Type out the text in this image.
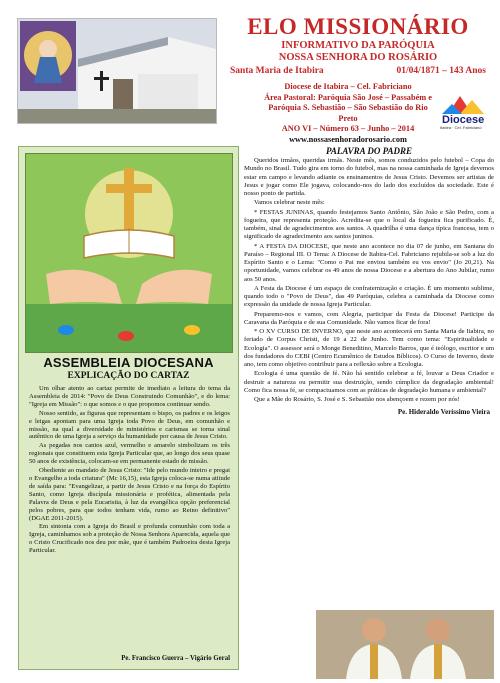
ELO MISSIONÁRIO
INFORMATIVO DA PARÓQUIA
NOSSA SENHORA DO ROSÁRIO
Santa Maria de Itabira	01/04/1871 – 143 Anos
Diocese de Itabira – Cel. Fabriciano
Área Pastoral: Paróquia São José – Passabém e
Paróquia S. Sebastião – São Sebastião do Rio Preto
ANO VI – Número 63 – Junho – 2014
www.nossasenhoradorosario.com
Diocese
Itabira · Cel. Fabriciano
ASSEMBLEIA DIOCESANA
EXPLICAÇÃO DO CARTAZ

Um olhar atento ao cartaz permite de imediato a leitura do tema da Assembleia de 2014: "Povo de Deus Construindo Comunhão", e do lema: "Igreja em Missão": o que somos e o que propomos continuar sendo.

Nosso sentido, as figuras que representam o bispo, os padres e os leigos e leigas apontam para uma Igreja toda Povo de Deus, em comunhão e missão, na qual a diversidade de ministérios e carismas se torna sinal autêntico de uma Igreja a serviço da humanidade por causa de Jesus Cristo.

As pegadas nos cantos azul, vermelho e amarelo simbolizam os três regionais que constituem esta Igreja Particular que, ao longo dos seus quase 50 anos de existência, colocam-se em permanente estado de missão.

Obediente ao mandato de Jesus Cristo: "Ide pelo mundo inteiro e pregai o Evangelho a toda criatura" (Mc 16,15), esta Igreja coloca-se numa atitude de saída para: "Evangelizar, a partir de Jesus Cristo e na força do Espírito Santo, como Igreja discípula missionária e profética, alimentada pela Palavra de Deus e pela Eucaristia, à luz da evangélica opção preferencial pelos pobres, para que todos tenham vida, rumo ao Reino definitivo" (DGAE 2011-2015).

Em sintonia com a Igreja do Brasil e profunda comunhão com toda a Igreja, caminhamos sob a proteção de Nossa Senhora Aparecida, aquela que o Cristo Crucificado nos deu por mãe, que é também Padroeira desta Igreja Particular.

Pe. Francisco Guerra – Vigário Geral
PALAVRA DO PADRE

Queridos irmãos, queridas irmãs. Neste mês, somos conduzidos pelo futebol – Copa do Mundo no Brasil. Tudo gira em torno do futebol, mas na nossa caminhada de Igreja devemos estar em campo e levando adiante os ensinamentos de Jesus Cristo. Devemos ser artistas de Jesus e jogar como Ele jogava, colocando-nos do lado dos excluídos da sociedade. Este é nosso ponto de partida.

Vamos celebrar neste mês:

* FESTAS JUNINAS, quando festejamos Santo Antônio, São João e São Pedro, com a fogueira, que representa proteção. Acredita-se que o local da fogueira fica purificado. É, também, sinal de agradecimentos aos santos. A quadrilha é uma dança típica francesa, tem o significado de agradecimento aos santos juninos.

* A FESTA DA DIOCESE, que neste ano acontece no dia 07 de junho, em Santana do Paraíso – Regional III. O Tema: A Diocese de Itabira-Cel. Fabriciano rejubila-se sob a luz do Espírito Santo e o Lema: "Como o Pai me enviou também eu vos envio" (Jo 20,21). Na oportunidade, vamos celebrar os 49 anos de nossa Diocese e a abertura do Ano Jubilar, rumo aos 50 anos.

A Festa da Diocese é um espaço de confraternização e criação. É um momento sublime, quando todo o "Povo de Deus", das 49 Paróquias, celebra a caminhada da Diocese como expressão da unidade de nossa Igreja Particular.

Preparemo-nos e vamos, com Alegria, participar da Festa da Diocese! Participe da Caravana da Paróquia e de sua Comunidade. Não vamos ficar de fora!

* O XV CURSO DE INVERNO, que neste ano acontecerá em Santa Maria de Itabira, no feriado de Corpus Christi, de 19 a 22 de Junho. Tem como tema: "Espiritualidade e Ecologia". O assessor será o Monge Beneditino, Marcelo Barros, que é teólogo, escritor e um dos fundadores do CEBI (Centro Ecumênico de Estudos Bíblicos). O Curso de Inverno, deste ano, tem como objetivo contribuir para a reflexão sobre a Ecologia.

Ecologia é uma questão de fé. Não há sentido celebrar a fé, louvar a Deus Criador e destruir a natureza ou permitir sua destruição, sendo cúmplice da degradação ambiental! Como fica nossa fé, se compactuamos com as práticas de degradação humana e ambiental?

Que a Mãe do Rosário, S. José e S. Sebastião nos abençoem e rezem por nós!

Pe. Hideraldo Veríssimo Vieira
